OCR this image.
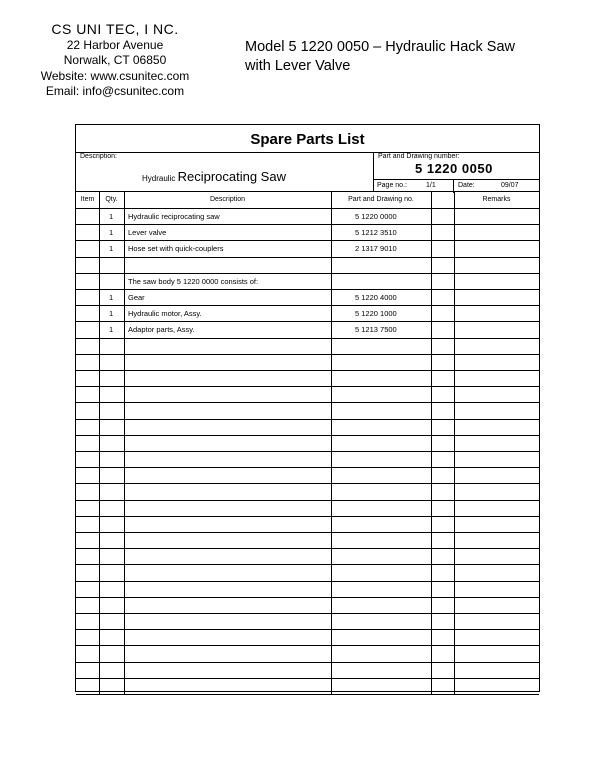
CS UNI TEC, I NC.
22 Harbor Avenue
Norwalk, CT 06850
Website: www.csunitec.com
Email: info@csunitec.com
Model 5 1220 0050 – Hydraulic Hack Saw
with Lever Valve
Spare Parts List
Description:
Hydraulic Reciprocating Saw
Part and Drawing number:
5 1220 0050
Page no.:	1/1	Date:	09/07
Item	Qty.	Description	Part and Drawing no.	Remarks
1 Hydraulic reciprocating saw	5 1220 0000
1 Lever valve	5 1212 3510
1 Hose set with quick-couplers	2 1317 9010
The saw body 5 1220 0000 consists of:
1 Gear	5 1220 4000
1 Hydraulic motor, Assy.	5 1220 1000
1 Adaptor parts, Assy.	5 1213 7500
